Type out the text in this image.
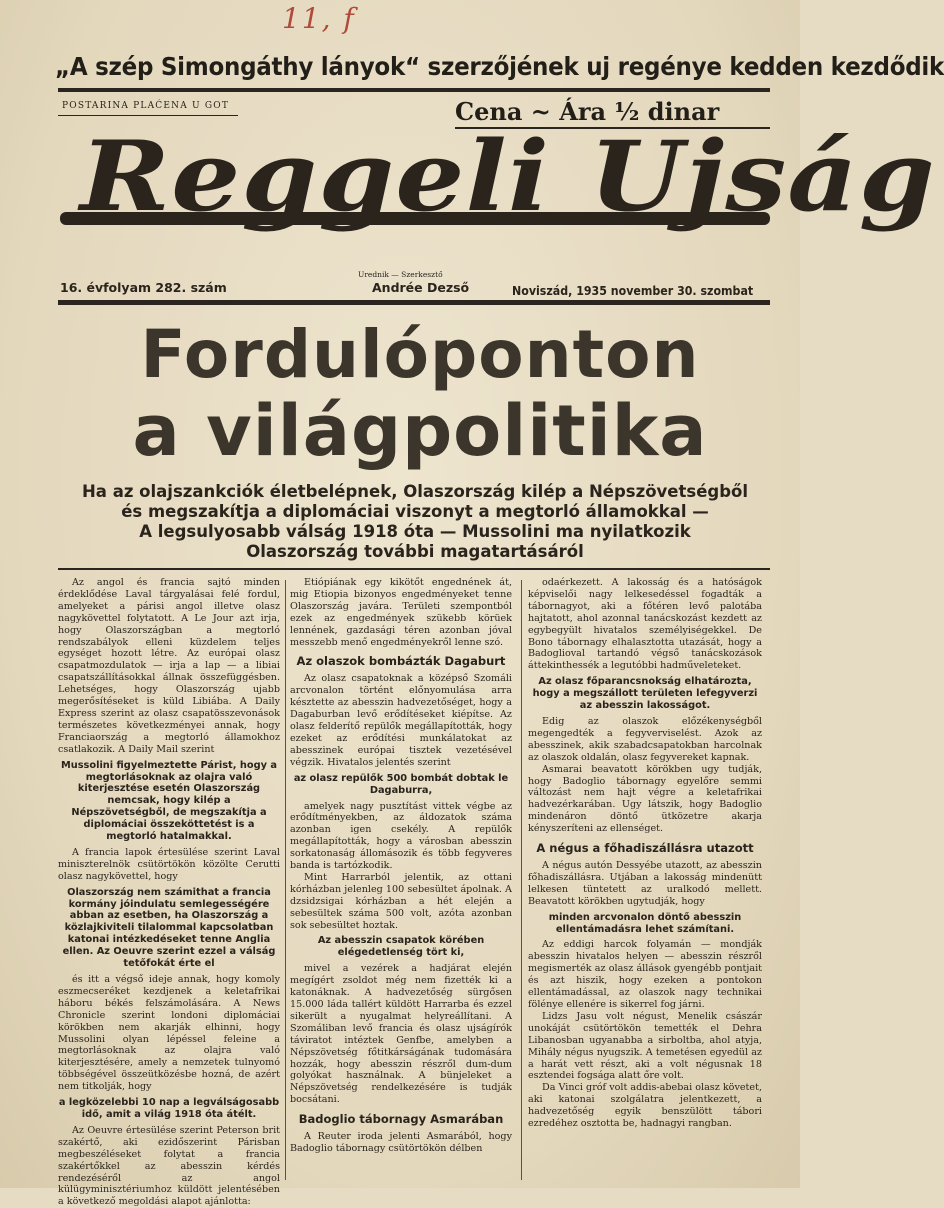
11, f
„A szép Simongáthy lányok“ szerzőjének uj regénye kedden kezdődik
POSTARINA PLAĆENA U GOT	Cena ~ Ára ½ dinar
Reggeli Ujság
16. évfolyam 282. szám
Urednik — Szerkesztő
Andrée Dezső	Noviszád, 1935 november 30. szombat
Fordulóponton
a világpolitika
Ha az olajszankciók életbelépnek, Olaszország kilép a Népszövetségből
és megszakítja a diplomáciai viszonyt a megtorló államokkal —
A legsulyosabb válság 1918 óta — Mussolini ma nyilatkozik
Olaszország további magatartásáról

Az angol és francia sajtó minden érdeklődése Laval tárgyalásai felé fordul, amelyeket a párisi angol illetve olasz nagykövettel folytatott. A Le Jour azt irja, hogy Olaszországban a megtorló rendszabályok elleni küzdelem teljes egységet hozott létre. Az európai olasz csapatmozdulatok — irja a lap — a libiai csapatszállításokkal állnak összefüggésben. Lehetséges, hogy Olaszország ujabb megerősítéseket is küld Libiába. A Daily Express szerint az olasz csapatösszevonások természetes következményei annak, hogy Franciaország a megtorló államokhoz csatlakozik. A Daily Mail szerint

Mussolini figyelmeztette Párist, hogy a megtorlásoknak az olajra való kiterjesztése esetén Olaszország nemcsak, hogy kilép a Népszövetségből, de megszakítja a diplomáciai összeköttetést is a megtorló hatalmakkal.

A francia lapok értesülése szerint Laval miniszterelnök csütörtökön közölte Cerutti olasz nagykövettel, hogy

Olaszország nem számithat a francia kormány jóindulatu semlegességére abban az esetben, ha Olaszország a közlajkiviteli tilalommal kapcsolatban katonai intézkedéseket tenne Anglia ellen. Az Oeuvre szerint ezzel a válság tetőfokát érte el

és itt a végső ideje annak, hogy komoly eszmecseréket kezdjenek a keletafrikai háboru békés felszámolására. A News Chronicle szerint londoni diplomáciai körökben nem akarják elhinni, hogy Mussolini olyan lépéssel feleine a megtorlásoknak az olajra való kiterjesztésére, amely a nemzetek tulnyomó többségével összeütközésbe hozná, de azért nem titkolják, hogy

a legközelebbi 10 nap a legválságosabb idő, amit a világ 1918 óta átélt.

Az Oeuvre értesülése szerint Peterson brit szakértő, aki ezidőszerint Párisban megbeszéléseket folytat a francia szakértőkkel az abesszin kérdés rendezéséről az angol külügyminisztériumhoz küldött jelentésében a következő megoldási alapot ajánlotta:

Etiópiának egy kikötőt engednének át, mig Etiopia bizonyos engedményeket tenne Olaszország javára. Területi szempontból ezek az engedmények szükebb körüek lennének, gazdasági téren azonban jóval messzebb menő engedményekről lenne szó.

Az olaszok bombázták Dagaburt

Az olasz csapatoknak a középső Szomáli arcvonalon történt előnyomulása arra késztette az abesszin hadvezetőséget, hogy a Dagaburban levő erődítéseket kiépítse. Az olasz felderítő repülők megállapították, hogy ezeket az erődítési munkálatokat az abesszinek európai tisztek vezetésével végzik. Hivatalos jelentés szerint

az olasz repülők 500 bombát dobtak le Dagaburra,

amelyek nagy pusztítást vittek végbe az erődítményekben, az áldozatok száma azonban igen csekély. A repülők megállapították, hogy a városban abesszin sorkatonaság állomásozik és több fegyveres banda is tartózkodik.

Mint Harrarból jelentik, az ottani kórházban jelenleg 100 sebesültet ápolnak. A dzsidzsigai kórházban a hét elején a sebesültek száma 500 volt, azóta azonban sok sebesültet hoztak.

Az abesszin csapatok körében elégedetlenség tört ki,

mivel a vezérek a hadjárat elején megígért zsoldot még nem fizették ki a katonáknak. A hadvezetőség sürgősen 15.000 láda tallért küldött Harrarba és ezzel sikerült a nyugalmat helyreállítani. A Szomáliban levő francia és olasz ujságírók táviratot intéztek Genfbe, amelyben a Népszövetség főtitkárságának tudomására hozzák, hogy abesszin részről dum-dum golyókat használnak. A bünjeleket a Népszövetség rendelkezésére is tudják bocsátani.

Badoglio tábornagy Asmarában

A Reuter iroda jelenti Asmarából, hogy Badoglio tábornagy csütörtökön délben

odaérkezett. A lakosság és a hatóságok képviselői nagy lelkesedéssel fogadták a tábornagyot, aki a főtéren levő palotába hajtatott, ahol azonnal tanácskozást kezdett az egybegyült hivatalos személyiségekkel. De Bono tábornagy elhalasztotta utazását, hogy a Badoglioval tartandó végső tanácskozások áttekinthessék a legutóbbi hadműveleteket.

Az olasz főparancsnokság elhatározta, hogy a megszállott területen lefegyverzi az abesszin lakosságot.

Edig az olaszok előzékenységből megengedték a fegyverviselést. Azok az abesszinek, akik szabadcsapatokban harcolnak az olaszok oldalán, olasz fegyvereket kapnak.

Asmarai beavatott körökben ugy tudják, hogy Badoglio tábornagy egyelőre semmi változást nem hajt végre a keletafrikai hadvezérkarában. Ugy látszik, hogy Badoglio mindenáron döntő ütközetre akarja kényszeríteni az ellenséget.

A négus a főhadiszállásra utazott

A négus autón Dessyébe utazott, az abesszin főhadiszállásra. Utjában a lakosság mindenütt lelkesen tüntetett az uralkodó mellett. Beavatott körökben ugytudják, hogy

minden arcvonalon döntő abesszin ellentámadásra lehet számítani.

Az eddigi harcok folyamán — mondják abesszin hivatalos helyen — abesszin részről megismerték az olasz állások gyengébb pontjait és azt hiszik, hogy ezeken a pontokon ellentámadással, az olaszok nagy technikai fölénye ellenére is sikerrel fog járni.

Lidzs Jasu volt négust, Menelik császár unokáját csütörtökön temették el Dehra Libanosban ugyanabba a sirboltba, ahol atyja, Mihály négus nyugszik. A temetésen egyedül az a harát vett részt, aki a volt négusnak 18 esztendei fogsága alatt őre volt.

Da Vinci gróf volt addis-abebai olasz követet, aki katonai szolgálatra jelentkezett, a hadvezetőség egyik benszülött tábori ezredéhez osztotta be, hadnagyi rangban.
